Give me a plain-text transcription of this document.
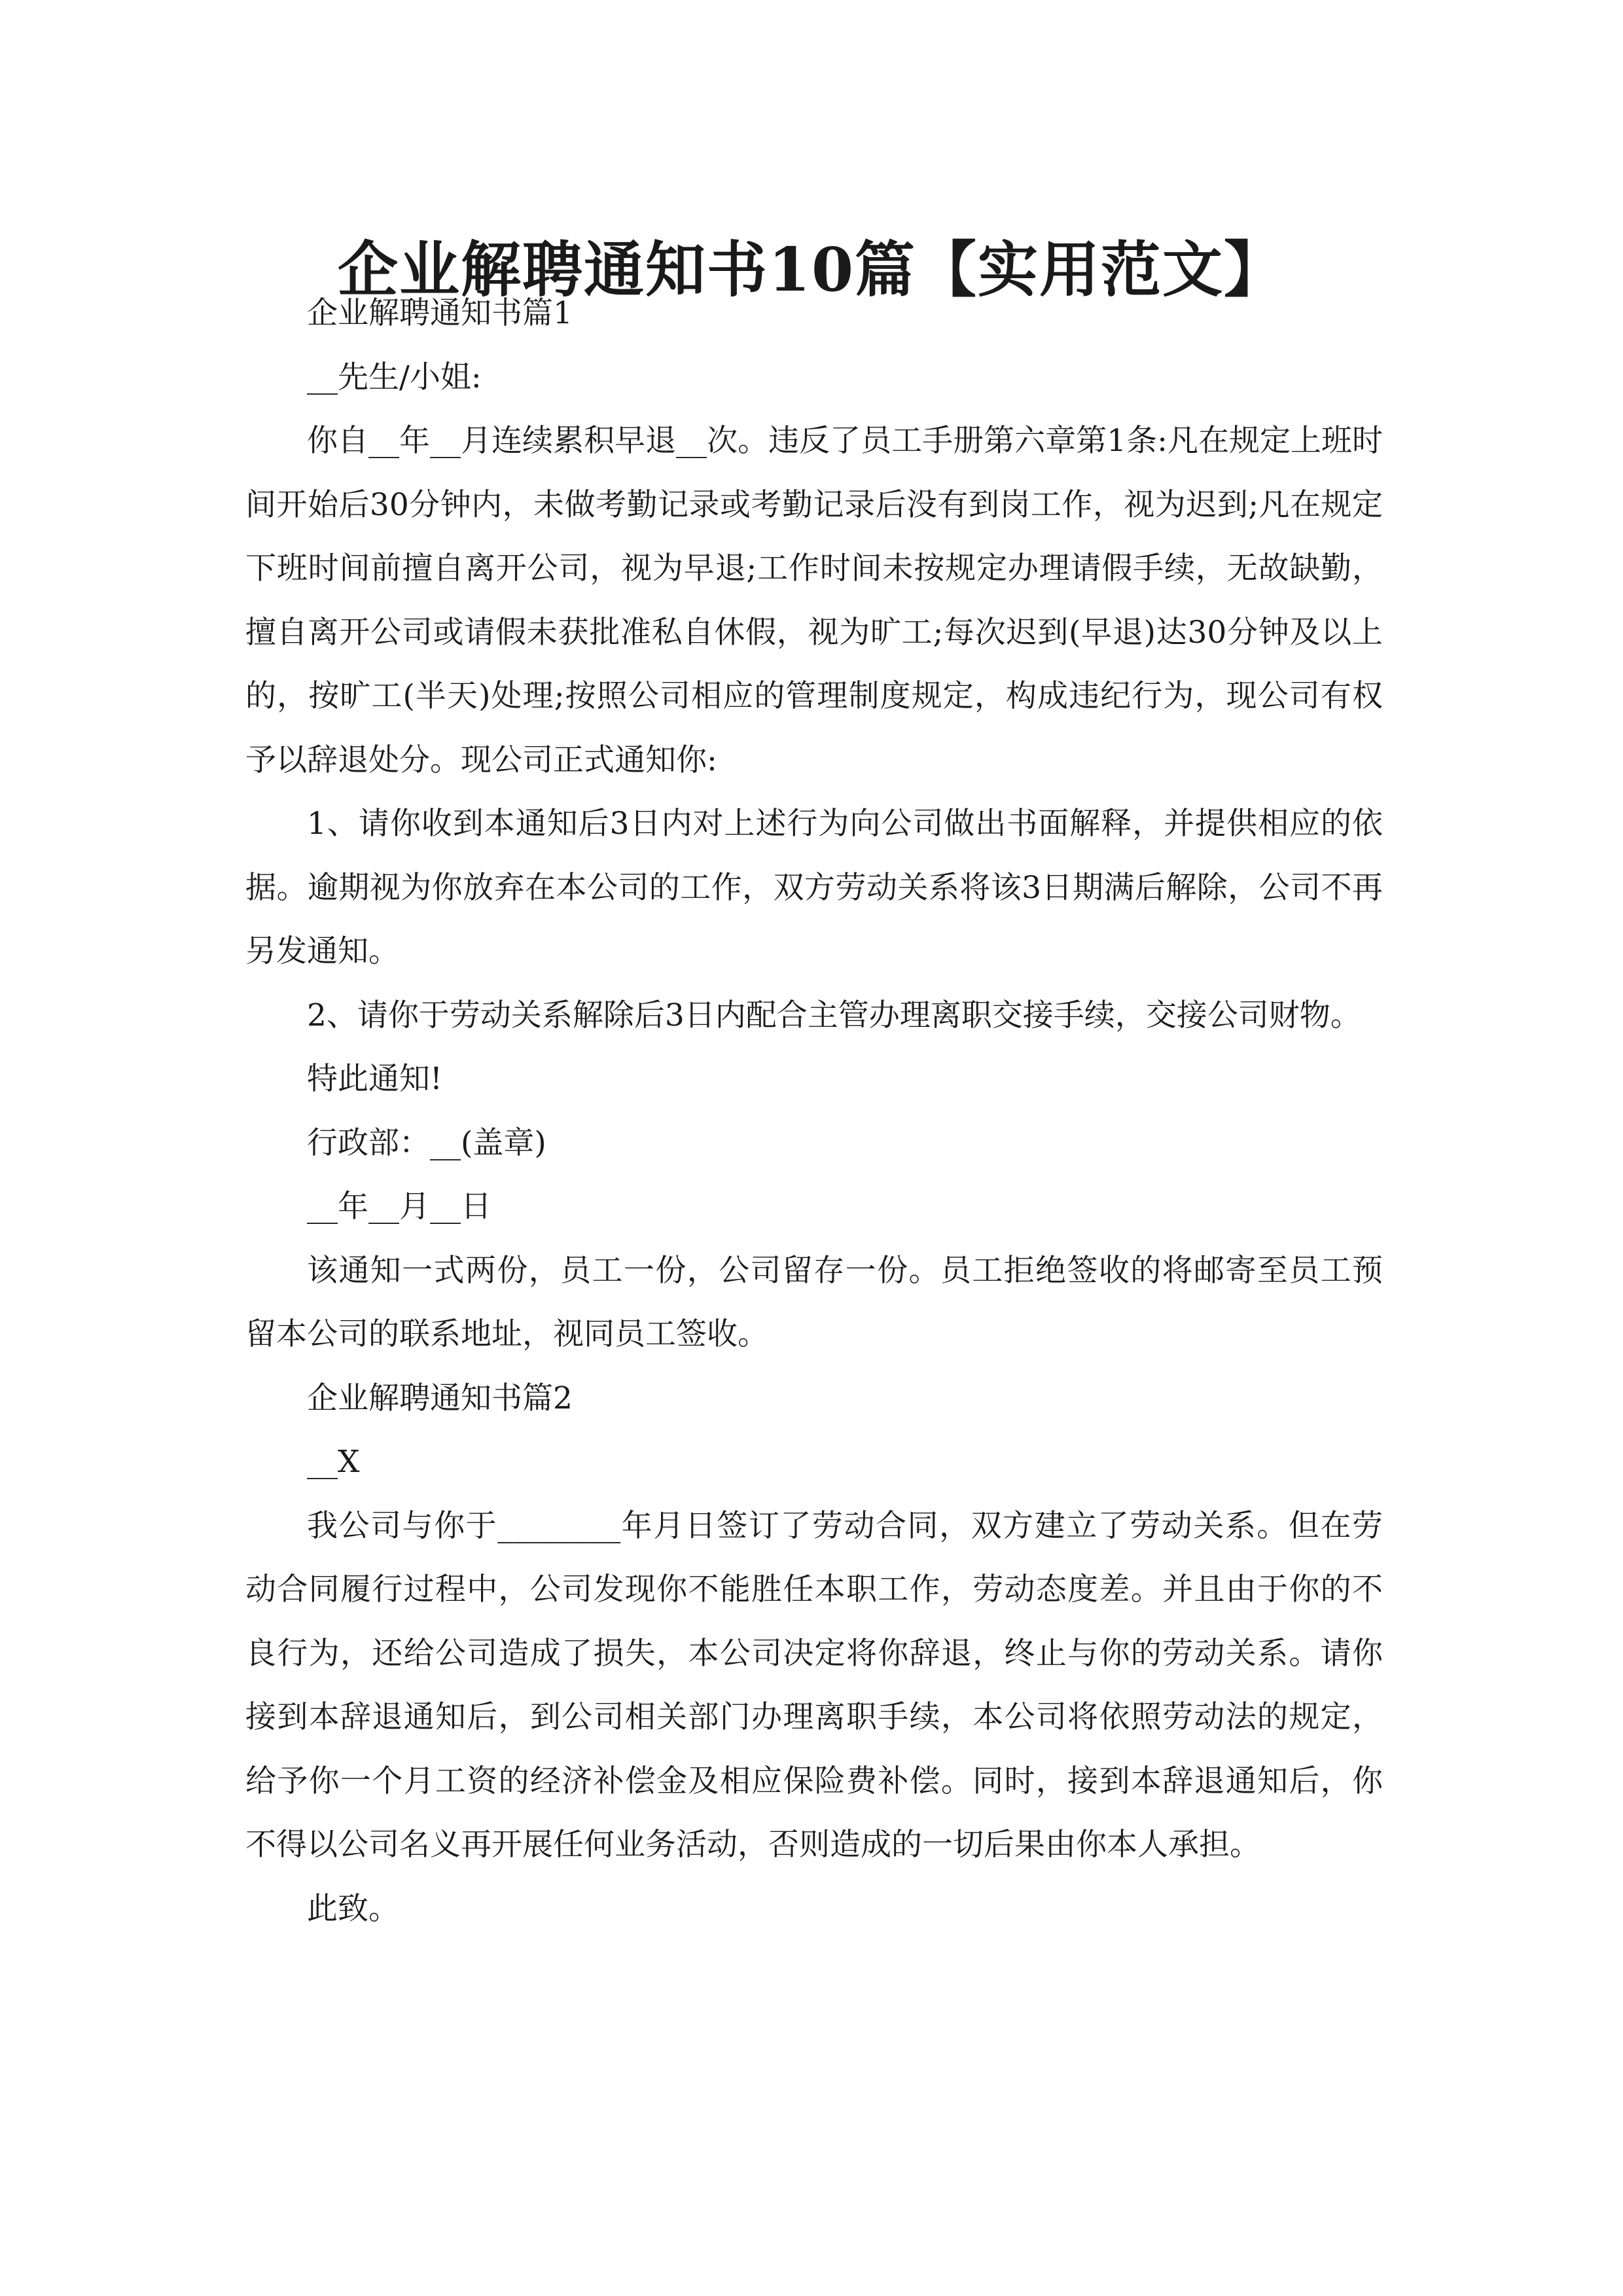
企业解聘通知书10篇【实用范文】

企业解聘通知书篇1

__先生/小姐:

你自__年__月连续累积早退__次。违反了员工手册第六章第1条:凡在规定上班时间开始后30分钟内，未做考勤记录或考勤记录后没有到岗工作，视为迟到;凡在规定下班时间前擅自离开公司，视为早退;工作时间未按规定办理请假手续，无故缺勤，擅自离开公司或请假未获批准私自休假，视为旷工;每次迟到(早退)达30分钟及以上的，按旷工(半天)处理;按照公司相应的管理制度规定，构成违纪行为，现公司有权予以辞退处分。现公司正式通知你:

1、请你收到本通知后3日内对上述行为向公司做出书面解释，并提供相应的依据。逾期视为你放弃在本公司的工作，双方劳动关系将该3日期满后解除，公司不再另发通知。

2、请你于劳动关系解除后3日内配合主管办理离职交接手续，交接公司财物。

特此通知!

行政部：__(盖章)

__年__月__日

该通知一式两份，员工一份，公司留存一份。员工拒绝签收的将邮寄至员工预留本公司的联系地址，视同员工签收。

企业解聘通知书篇2

__X

我公司与你于________年月日签订了劳动合同，双方建立了劳动关系。但在劳动合同履行过程中，公司发现你不能胜任本职工作，劳动态度差。并且由于你的不良行为，还给公司造成了损失，本公司决定将你辞退，终止与你的劳动关系。请你接到本辞退通知后，到公司相关部门办理离职手续，本公司将依照劳动法的规定，给予你一个月工资的经济补偿金及相应保险费补偿。同时，接到本辞退通知后，你不得以公司名义再开展任何业务活动，否则造成的一切后果由你本人承担。

此致。
